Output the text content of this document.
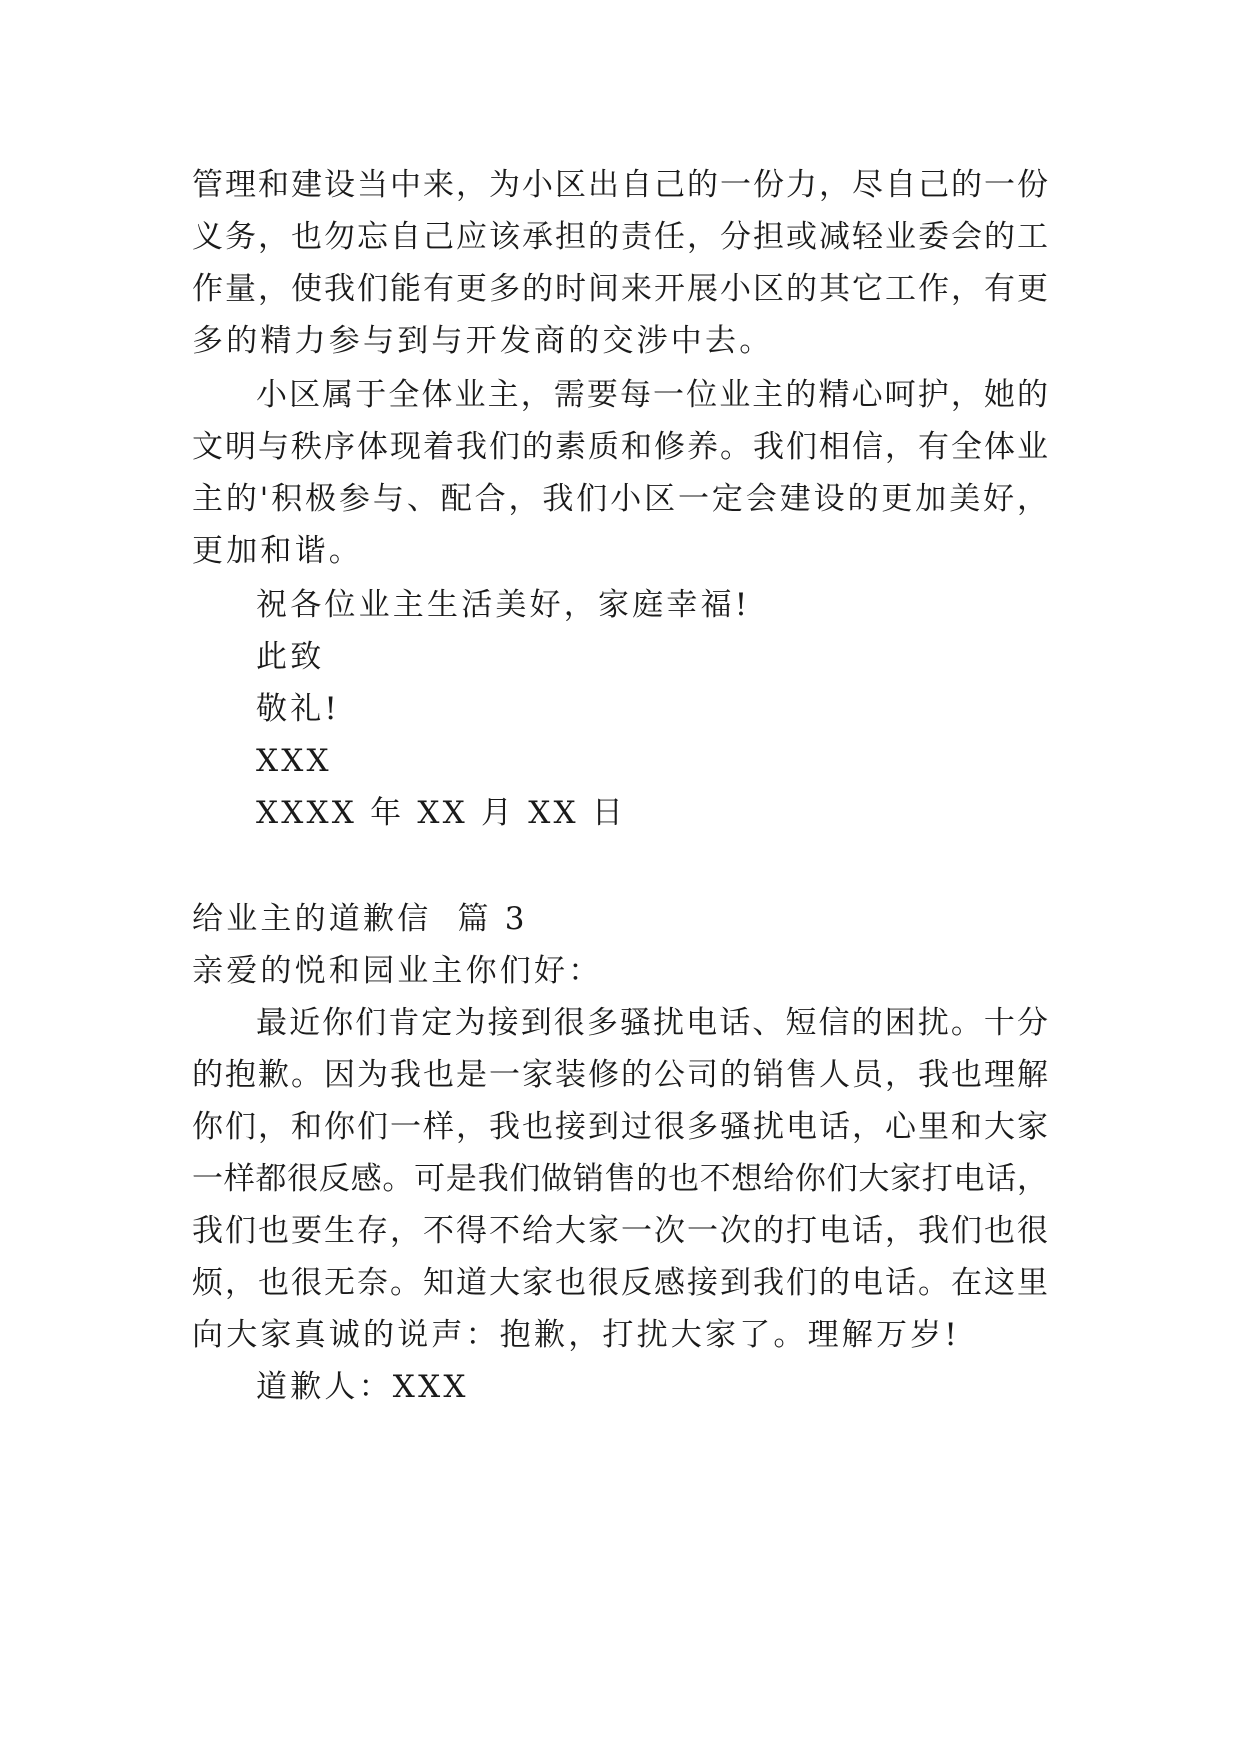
管理和建设当中来，为小区出自己的一份力，尽自己的一份
义务，也勿忘自己应该承担的责任，分担或减轻业委会的工
作量，使我们能有更多的时间来开展小区的其它工作，有更
多的精力参与到与开发商的交涉中去。
小区属于全体业主，需要每一位业主的精心呵护，她的
文明与秩序体现着我们的素质和修养。我们相信，有全体业
主的'积极参与、配合，我们小区一定会建设的更加美好，
更加和谐。
祝各位业主生活美好，家庭幸福!
此致
敬礼!
XXX
XXXX 年 XX 月 XX 日
给业主的道歉信  篇 3
亲爱的悦和园业主你们好：
最近你们肯定为接到很多骚扰电话、短信的困扰。十分
的抱歉。因为我也是一家装修的公司的销售人员，我也理解
你们，和你们一样，我也接到过很多骚扰电话，心里和大家
一样都很反感。可是我们做销售的也不想给你们大家打电话，
我们也要生存，不得不给大家一次一次的打电话，我们也很
烦，也很无奈。知道大家也很反感接到我们的电话。在这里
向大家真诚的说声：抱歉，打扰大家了。理解万岁!
道歉人：XXX
